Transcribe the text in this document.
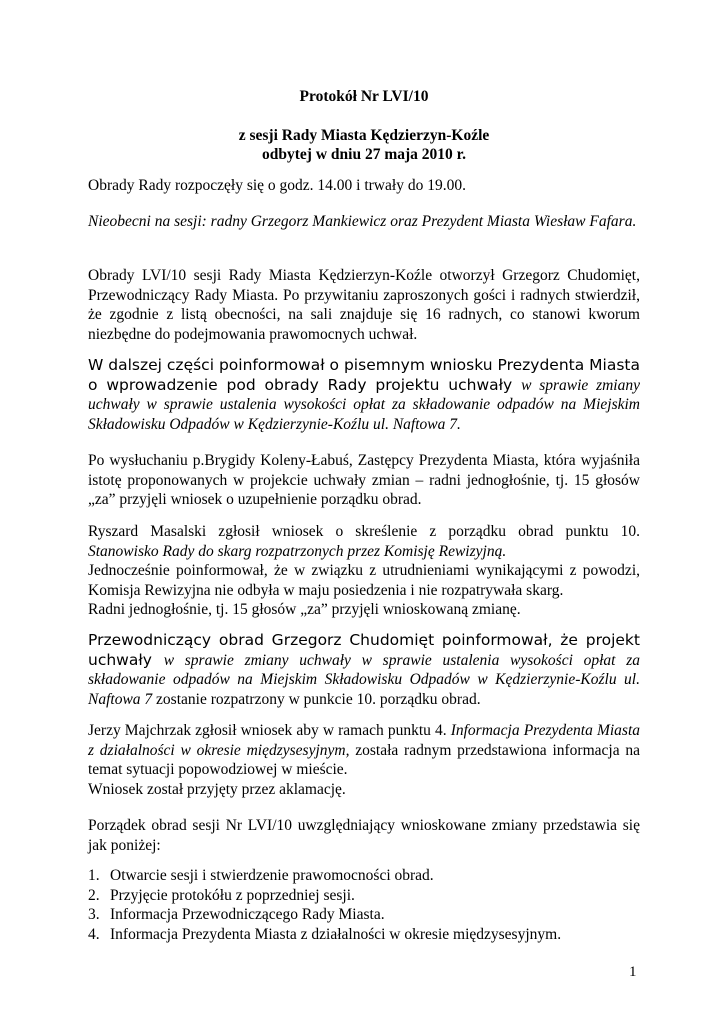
Protokół Nr LVI/10
z sesji Rady Miasta Kędzierzyn-Koźle
odbytej w dniu 27 maja 2010 r.

Obrady Rady rozpoczęły się o godz. 14.00 i trwały do 19.00.

Nieobecni na sesji: radny Grzegorz Mankiewicz oraz Prezydent Miasta Wiesław Fafara.

Obrady LVI/10 sesji Rady Miasta Kędzierzyn-Koźle otworzył Grzegorz Chudomięt, Przewodniczący Rady Miasta. Po przywitaniu zaproszonych gości i radnych stwierdził, że zgodnie z listą obecności, na sali znajduje się 16 radnych, co stanowi kworum niezbędne do podejmowania prawomocnych uchwał.

W dalszej części poinformował o pisemnym wniosku Prezydenta Miasta o wprowadzenie pod obrady Rady projektu uchwały w sprawie zmiany uchwały w sprawie ustalenia wysokości opłat za składowanie odpadów na Miejskim Składowisku Odpadów w Kędzierzynie-Koźlu ul. Naftowa 7.

Po wysłuchaniu p.Brygidy Koleny-Łabuś, Zastępcy Prezydenta Miasta, która wyjaśniła istotę proponowanych w projekcie uchwały zmian – radni jednogłośnie, tj. 15 głosów „za” przyjęli wniosek o uzupełnienie porządku obrad.

Ryszard Masalski zgłosił wniosek o skreślenie z porządku obrad punktu 10.

Stanowisko Rady do skarg rozpatrzonych przez Komisję Rewizyjną.

Jednocześnie poinformował, że w związku z utrudnieniami wynikającymi z powodzi, Komisja Rewizyjna nie odbyła w maju posiedzenia i nie rozpatrywała skarg.

Radni jednogłośnie, tj. 15 głosów „za” przyjęli wnioskowaną zmianę.

Przewodniczący obrad Grzegorz Chudomięt poinformował, że projekt uchwały w sprawie zmiany uchwały w sprawie ustalenia wysokości opłat za składowanie odpadów na Miejskim Składowisku Odpadów w Kędzierzynie-Koźlu ul. Naftowa 7 zostanie rozpatrzony w punkcie 10. porządku obrad.

Jerzy Majchrzak zgłosił wniosek aby w ramach punktu 4. Informacja Prezydenta Miasta z działalności w okresie międzysesyjnym, została radnym przedstawiona informacja na temat sytuacji popowodziowej w mieście.

Wniosek został przyjęty przez aklamację.

Porządek obrad sesji Nr LVI/10 uwzględniający wnioskowane zmiany przedstawia się jak poniżej:

1. Otwarcie sesji i stwierdzenie prawomocności obrad.
2. Przyjęcie protokółu z poprzedniej sesji.
3. Informacja Przewodniczącego Rady Miasta.
4. Informacja Prezydenta Miasta z działalności w okresie międzysesyjnym.
1
